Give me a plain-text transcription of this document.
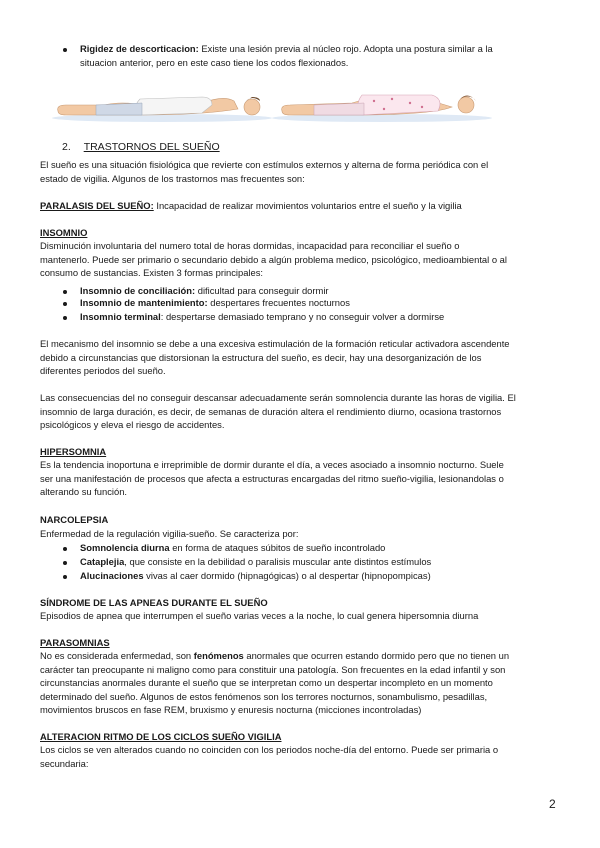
Rigidez de descorticacion: Existe una lesión previa al núcleo rojo. Adopta una postura similar a la
situacion anterior, pero en este caso tiene los codos flexionados.

2. TRASTORNOS DEL SUEÑO

El sueño es una situación fisiológica que revierte con estímulos externos y alterna de forma periódica con el
estado de vigilia. Algunos de los trastornos mas frecuentes son:

PARALASIS DEL SUEÑO: Incapacidad de realizar movimientos voluntarios entre el sueño y la vigilia

INSOMNIO

Disminución involuntaria del numero total de horas dormidas, incapacidad para reconciliar el sueño o
mantenerlo. Puede ser primario o secundario debido a algún problema medico, psicológico, medioambiental o al
consumo de sustancias. Existen 3 formas principales:

Insomnio de conciliación: dificultad para conseguir dormir

Insomnio de mantenimiento: despertares frecuentes nocturnos

Insomnio terminal: despertarse demasiado temprano y no conseguir volver a dormirse

El mecanismo del insomnio se debe a una excesiva estimulación de la formación reticular activadora ascendente
debido a circunstancias que distorsionan la estructura del sueño, es decir, hay una desorganización de los
diferentes periodos del sueño.

Las consecuencias del no conseguir descansar adecuadamente serán somnolencia durante las horas de vigilia. El
insomnio de larga duración, es decir, de semanas de duración altera el rendimiento diurno, ocasiona trastornos
psicológicos y eleva el riesgo de accidentes.

HIPERSOMNIA

Es la tendencia inoportuna e irreprimible de dormir durante el día, a veces asociado a insomnio nocturno. Suele
ser una manifestación de procesos que afecta a estructuras encargadas del ritmo sueño-vigilia, lesionandolas o
alterando su función.

NARCOLEPSIA

Enfermedad de la regulación vigilia-sueño. Se caracteriza por:

Somnolencia diurna en forma de ataques súbitos de sueño incontrolado

Cataplejia, que consiste en la debilidad o paralisis muscular ante distintos estímulos

Alucinaciones vivas al caer dormido (hipnagógicas) o al despertar (hipnopompicas)

SÍNDROME DE LAS APNEAS DURANTE EL SUEÑO

Episodios de apnea que interrumpen el sueño varias veces a la noche, lo cual genera hipersomnia diurna

PARASOMNIAS

No es considerada enfermedad, son fenómenos anormales que ocurren estando dormido pero que no tienen un
carácter tan preocupante ni maligno como para constituir una patología. Son frecuentes en la edad infantil y son
circunstancias anormales durante el sueño que se interpretan como un despertar incompleto en un momento
determinado del sueño. Algunos de estos fenómenos son los terrores nocturnos, sonambulismo, pesadillas,
movimientos bruscos en fase REM, bruxismo y enuresis nocturna (micciones incontroladas)

ALTERACION RITMO DE LOS CICLOS SUEÑO VIGILIA

Los ciclos se ven alterados cuando no coinciden con los periodos noche-día del entorno. Puede ser primaria o
secundaria:

2
